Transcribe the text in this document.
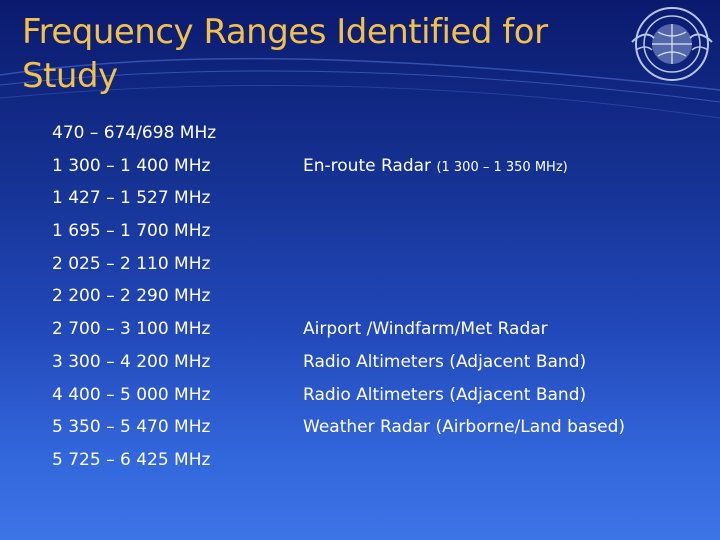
Frequency Ranges Identified for
Study
470 – 674/698 MHz
1 300 – 1 400 MHz
1 427 – 1 527 MHz
1 695 – 1 700 MHz
2 025 – 2 110 MHz
2 200 – 2 290 MHz
2 700 – 3 100 MHz
3 300 – 4 200 MHz
4 400 – 5 000 MHz
5 350 – 5 470 MHz
5 725 – 6 425 MHz
En-route Radar (1 300 – 1 350 MHz)
Airport /Windfarm/Met Radar
Radio Altimeters (Adjacent Band)
Radio Altimeters (Adjacent Band)
Weather Radar (Airborne/Land based)
